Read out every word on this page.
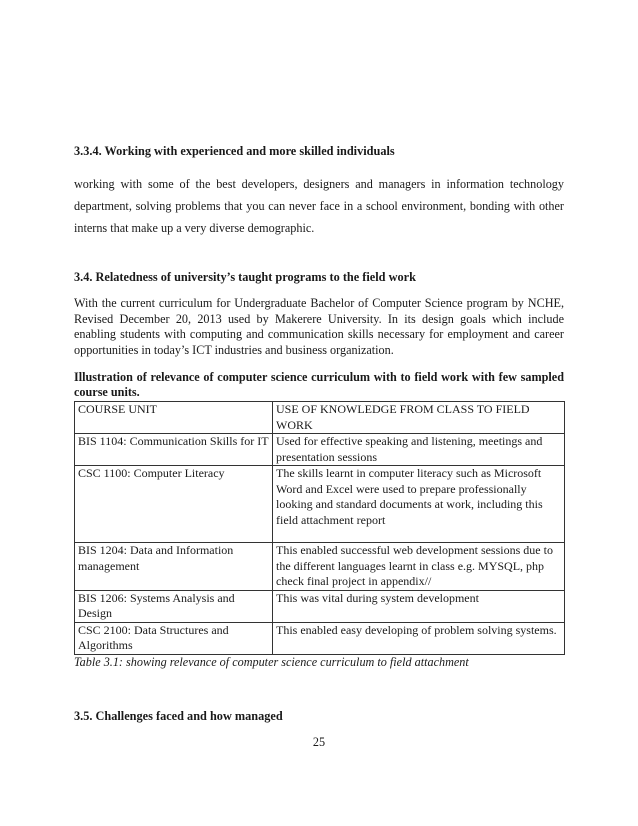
3.3.4. Working with experienced and more skilled individuals
working with some of the best developers, designers and managers in information technology department, solving problems that you can never face in a school environment, bonding with other interns that make up a very diverse demographic.
3.4. Relatedness of university’s taught programs to the field work
With the current curriculum for Undergraduate Bachelor of Computer Science program by NCHE, Revised December 20, 2013 used by Makerere University. In its design goals which include enabling students with computing and communication skills necessary for employment and career opportunities in today’s ICT industries and business organization.
Illustration of relevance of computer science curriculum with to field work with few sampled course units.
COURSE UNIT	USE OF KNOWLEDGE FROM CLASS TO FIELD WORK
BIS 1104: Communication Skills for IT	Used for effective speaking and listening, meetings and presentation sessions
CSC 1100: Computer Literacy	The skills learnt in computer literacy such as Microsoft Word and Excel were used to prepare professionally looking and standard documents at work, including this field attachment report
BIS 1204: Data and Information management	This enabled successful web development sessions due to the different languages learnt in class e.g. MYSQL, php check final project in appendix//
BIS 1206: Systems Analysis and Design	This was vital during system development
CSC 2100: Data Structures and Algorithms	This enabled easy developing of problem solving systems.
Table 3.1: showing relevance of computer science curriculum to field attachment
3.5. Challenges faced and how managed
25
